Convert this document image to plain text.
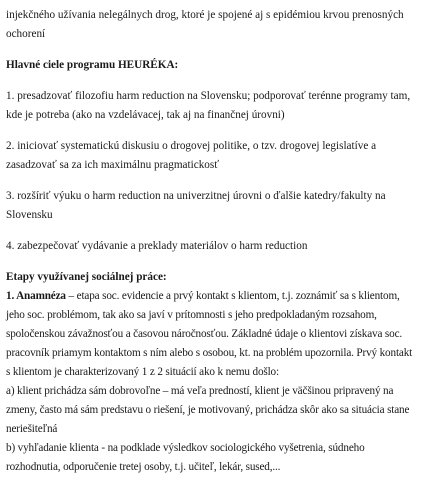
injekčného užívania nelegálnych drog, ktoré je spojené aj s epidémiou krvou prenosných

ochorení

Hlavné ciele programu HEURÉKA:

1. presadzovať filozofiu harm reduction na Slovensku; podporovať terénne programy tam,

kde je potreba (ako na vzdelávacej, tak aj na finančnej úrovni)

2. iniciovať systematickú diskusiu o drogovej politike, o tzv. drogovej legislatíve a

zasadzovať sa za ich maximálnu pragmatickosť

3. rozšíriť výuku o harm reduction na univerzitnej úrovni o ďalšie katedry/fakulty na

Slovensku

4. zabezpečovať vydávanie a preklady materiálov o harm reduction

Etapy využívanej sociálnej práce:

1. Anamnéza – etapa soc. evidencie a prvý kontakt s klientom, t.j. zoznámiť sa s klientom,

jeho soc. problémom, tak ako sa javí v prítomnosti s jeho predpokladaným rozsahom,

spoločenskou závažnosťou a časovou náročnosťou. Základné údaje o klientovi získava soc.

pracovník priamym kontaktom s ním alebo s osobou, kt. na problém upozornila. Prvý kontakt

s klientom je charakterizovaný 1 z 2 situácií ako k nemu došlo:

a) klient prichádza sám dobrovoľne – má veľa predností, klient je väčšinou pripravený na

zmeny, často má sám predstavu o riešení, je motivovaný, prichádza skôr ako sa situácia stane

neriešiteľná

b) vyhľadanie klienta - na podklade výsledkov sociologického vyšetrenia, súdneho

rozhodnutia, odporučenie tretej osoby, t.j. učiteľ, lekár, sused,...
